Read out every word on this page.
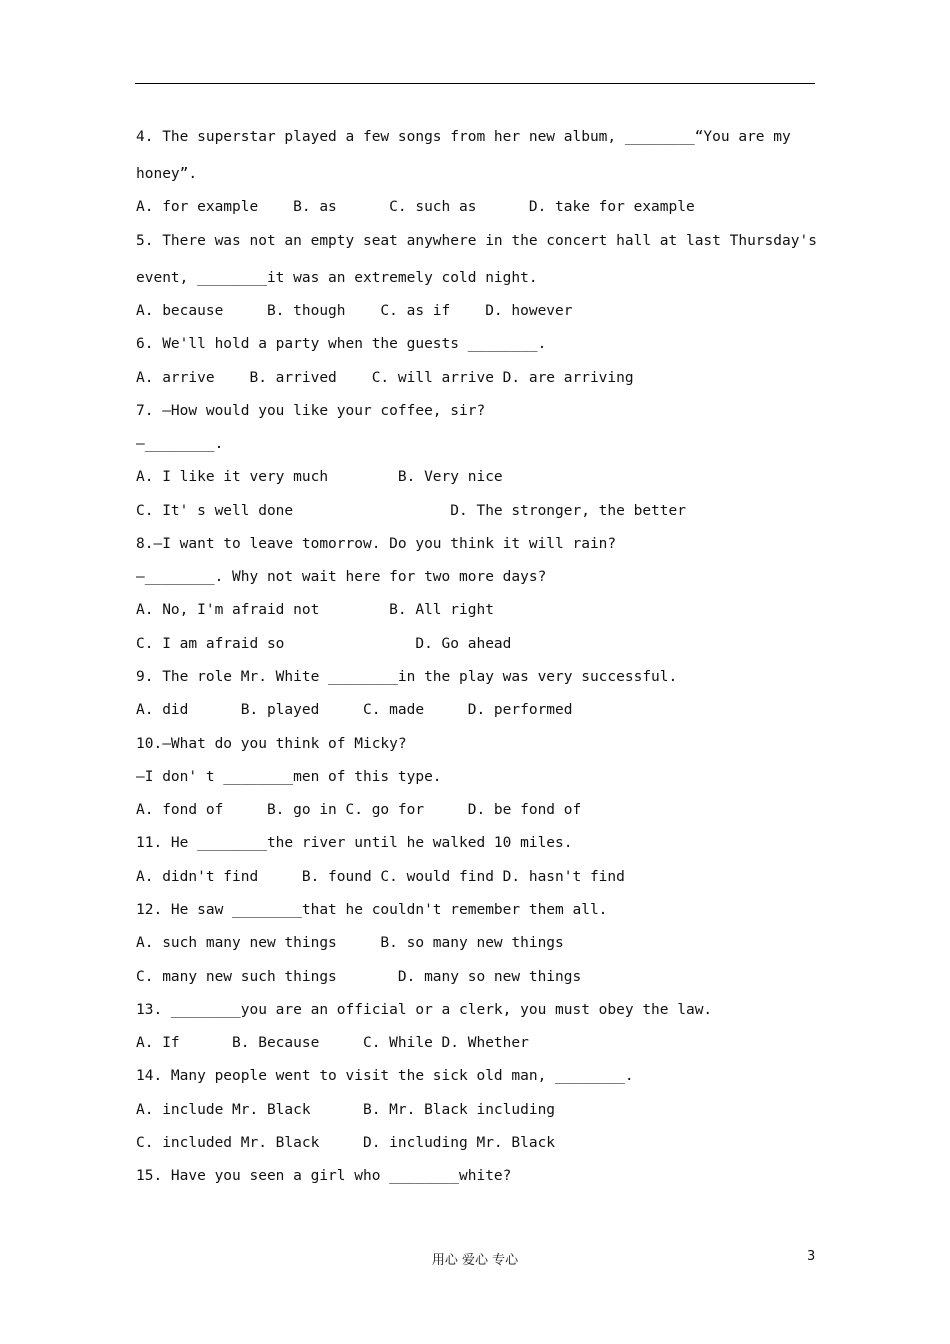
4. The superstar played a few songs from her new album, ________“You are my
honey”.
A. for example    B. as      C. such as      D. take for example
5. There was not an empty seat anywhere in the concert hall at last Thursday's
event, ________it was an extremely cold night.
A. because     B. though    C. as if    D. however
6. We'll hold a party when the guests ________.
A. arrive    B. arrived    C. will arrive D. are arriving
7. —How would you like your coffee, sir?
—________.
A. I like it very much        B. Very nice
C. It' s well done                  D. The stronger, the better
8.—I want to leave tomorrow. Do you think it will rain?
—________. Why not wait here for two more days?
A. No, I'm afraid not        B. All right
C. I am afraid so               D. Go ahead
9. The role Mr. White ________in the play was very successful.
A. did      B. played     C. made     D. performed
10.—What do you think of Micky?
—I don' t ________men of this type.
A. fond of     B. go in C. go for     D. be fond of
11. He ________the river until he walked 10 miles.
A. didn't find     B. found C. would find D. hasn't find
12. He saw ________that he couldn't remember them all.
A. such many new things     B. so many new things
C. many new such things       D. many so new things
13. ________you are an official or a clerk, you must obey the law.
A. If      B. Because     C. While D. Whether
14. Many people went to visit the sick old man, ________.
A. include Mr. Black      B. Mr. Black including
C. included Mr. Black     D. including Mr. Black
15. Have you seen a girl who ________white?
用心 爱心 专心	3
